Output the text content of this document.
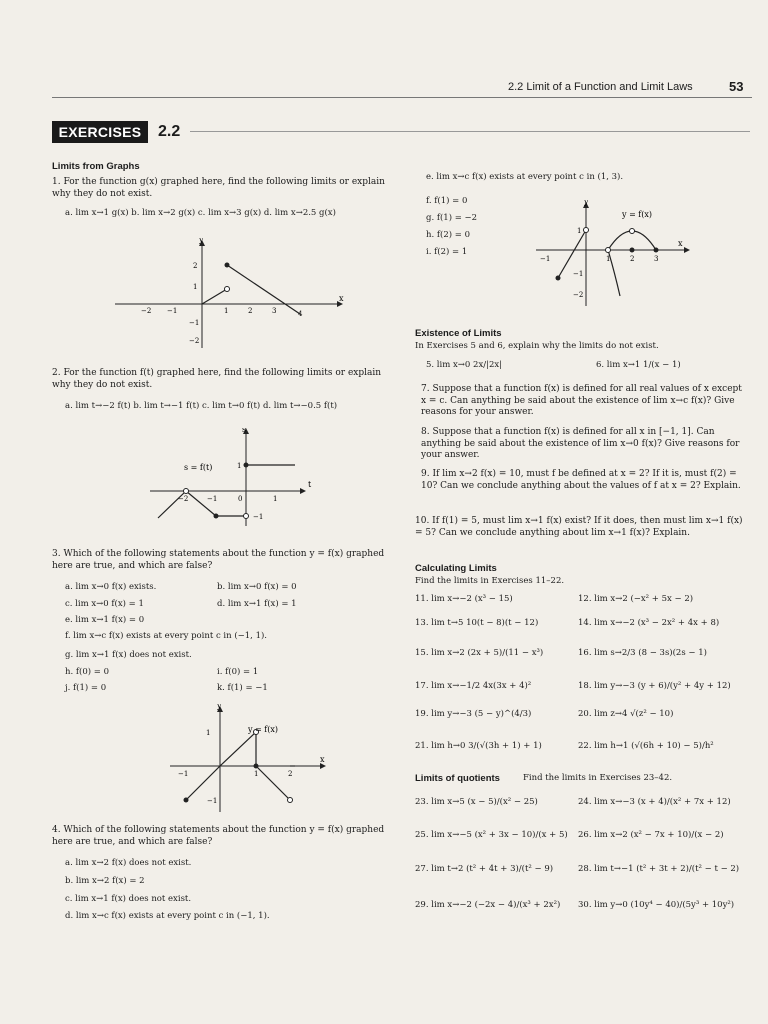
2.2 Limit of a Function and Limit Laws	53
EXERCISES	2.2
Limits from Graphs
1. For the function g(x) graphed here, find the following limits or explain why they do not exist.
a. lim x→1 g(x) b. lim x→2 g(x) c. lim x→3 g(x) d. lim x→2.5 g(x)
y
x
−2 −1	1	2	3	4
2
1
−1
−2
2. For the function f(t) graphed here, find the following limits or explain why they do not exist.
a. lim t→−2 f(t) b. lim t→−1 f(t) c. lim t→0 f(t) d. lim t→−0.5 f(t)
s
s = f(t)
t
−2	−1	0	1
1
−1
3. Which of the following statements about the function y = f(x) graphed here are true, and which are false?
a. lim x→0 f(x) exists.	b. lim x→0 f(x) = 0
c. lim x→0 f(x) = 1	d. lim x→1 f(x) = 1
e. lim x→1 f(x) = 0
f. lim x→c f(x) exists at every point c in (−1, 1).
g. lim x→1 f(x) does not exist.
h. f(0) = 0	i. f(0) = 1
j. f(1) = 0	k. f(1) = −1
y
y = f(x)
x
1
−1	1	2
−1
4. Which of the following statements about the function y = f(x) graphed here are true, and which are false?
a. lim x→2 f(x) does not exist.
b. lim x→2 f(x) = 2
c. lim x→1 f(x) does not exist.
d. lim x→c f(x) exists at every point c in (−1, 1).
e. lim x→c f(x) exists at every point c in (1, 3).
f. f(1) = 0
g. f(1) = −2
h. f(2) = 0
i. f(2) = 1
y
y = f(x)
x
1
−1	1	2	3
−1
−2
Existence of Limits
In Exercises 5 and 6, explain why the limits do not exist.
5. lim x→0 2x/|2x|	6. lim x→1 1/(x − 1)
7. Suppose that a function f(x) is defined for all real values of x except x = c. Can anything be said about the existence of lim x→c f(x)? Give reasons for your answer.
8. Suppose that a function f(x) is defined for all x in [−1, 1]. Can anything be said about the existence of lim x→0 f(x)? Give reasons for your answer.
9. If lim x→2 f(x) = 10, must f be defined at x = 2? If it is, must f(2) = 10? Can we conclude anything about the values of f at x = 2? Explain.
10. If f(1) = 5, must lim x→1 f(x) exist? If it does, then must lim x→1 f(x) = 5? Can we conclude anything about lim x→1 f(x)? Explain.
Calculating Limits
Find the limits in Exercises 11–22.
11. lim x→−2 (x³ − 15)	12. lim x→2 (−x² + 5x − 2)
13. lim t→5 10(t − 8)(t − 12)	14. lim x→−2 (x³ − 2x² + 4x + 8)
15. lim x→2 (2x + 5)/(11 − x³)	16. lim s→2/3 (8 − 3s)(2s − 1)
17. lim x→−1/2 4x(3x + 4)²	18. lim y→−3 (y + 6)/(y² + 4y + 12)
19. lim y→−3 (5 − y)^(4/3)	20. lim z→4 √(z² − 10)
21. lim h→0 3/(√(3h + 1) + 1)	22. lim h→1 (√(6h + 10) − 5)/h²
Limits of quotients	Find the limits in Exercises 23–42.
23. lim x→5 (x − 5)/(x² − 25)	24. lim x→−3 (x + 4)/(x² + 7x + 12)
25. lim x→−5 (x² + 3x − 10)/(x + 5) 26. lim x→2 (x² − 7x + 10)/(x − 2)
27. lim t→2 (t² + 4t + 3)/(t² − 9)	28. lim t→−1 (t² + 3t + 2)/(t² − t − 2)
29. lim x→−2 (−2x − 4)/(x³ + 2x²) 30. lim y→0 (10y⁴ − 40)/(5y³ + 10y²)
